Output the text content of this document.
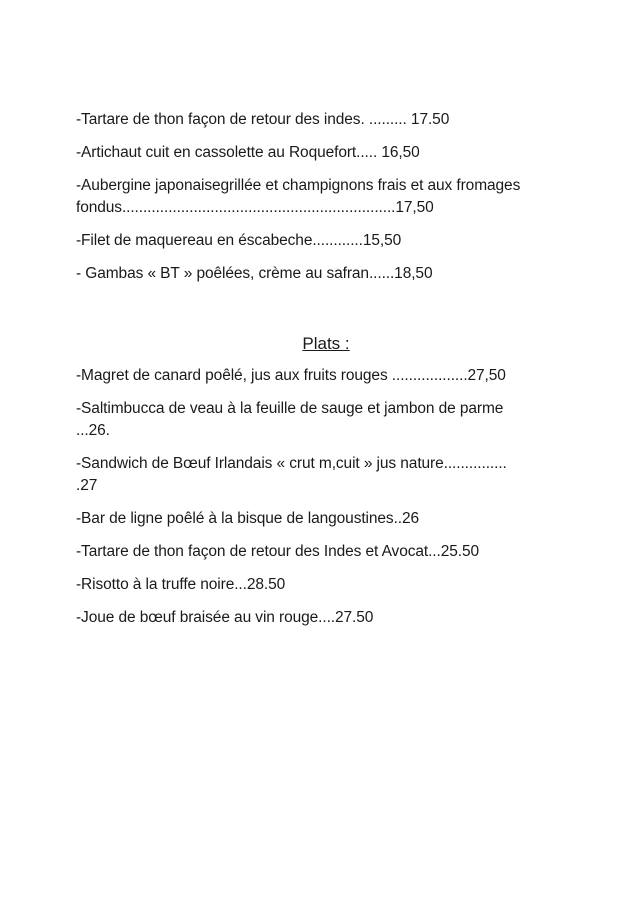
-Tartare de thon façon de retour des indes. ......... 17.50
-Artichaut cuit en cassolette au Roquefort..... 16,50
-Aubergine japonaisegrillée et champignons frais et aux fromages
fondus.................................................................17,50
-Filet de maquereau en éscabeche............15,50
- Gambas « BT » poêlées, crème au safran......18,50
Plats :
-Magret de canard poêlé, jus aux fruits rouges ..................27,50
-Saltimbucca de veau à la feuille de sauge et jambon de parme
...26.
-Sandwich de Bœuf Irlandais « crut m,cuit » jus nature...............
.27
-Bar de ligne poêlé à la bisque de langoustines..26
-Tartare de thon façon de retour des Indes et Avocat...25.50
-Risotto à la truffe noire...28.50
-Joue de bœuf braisée au vin rouge....27.50
